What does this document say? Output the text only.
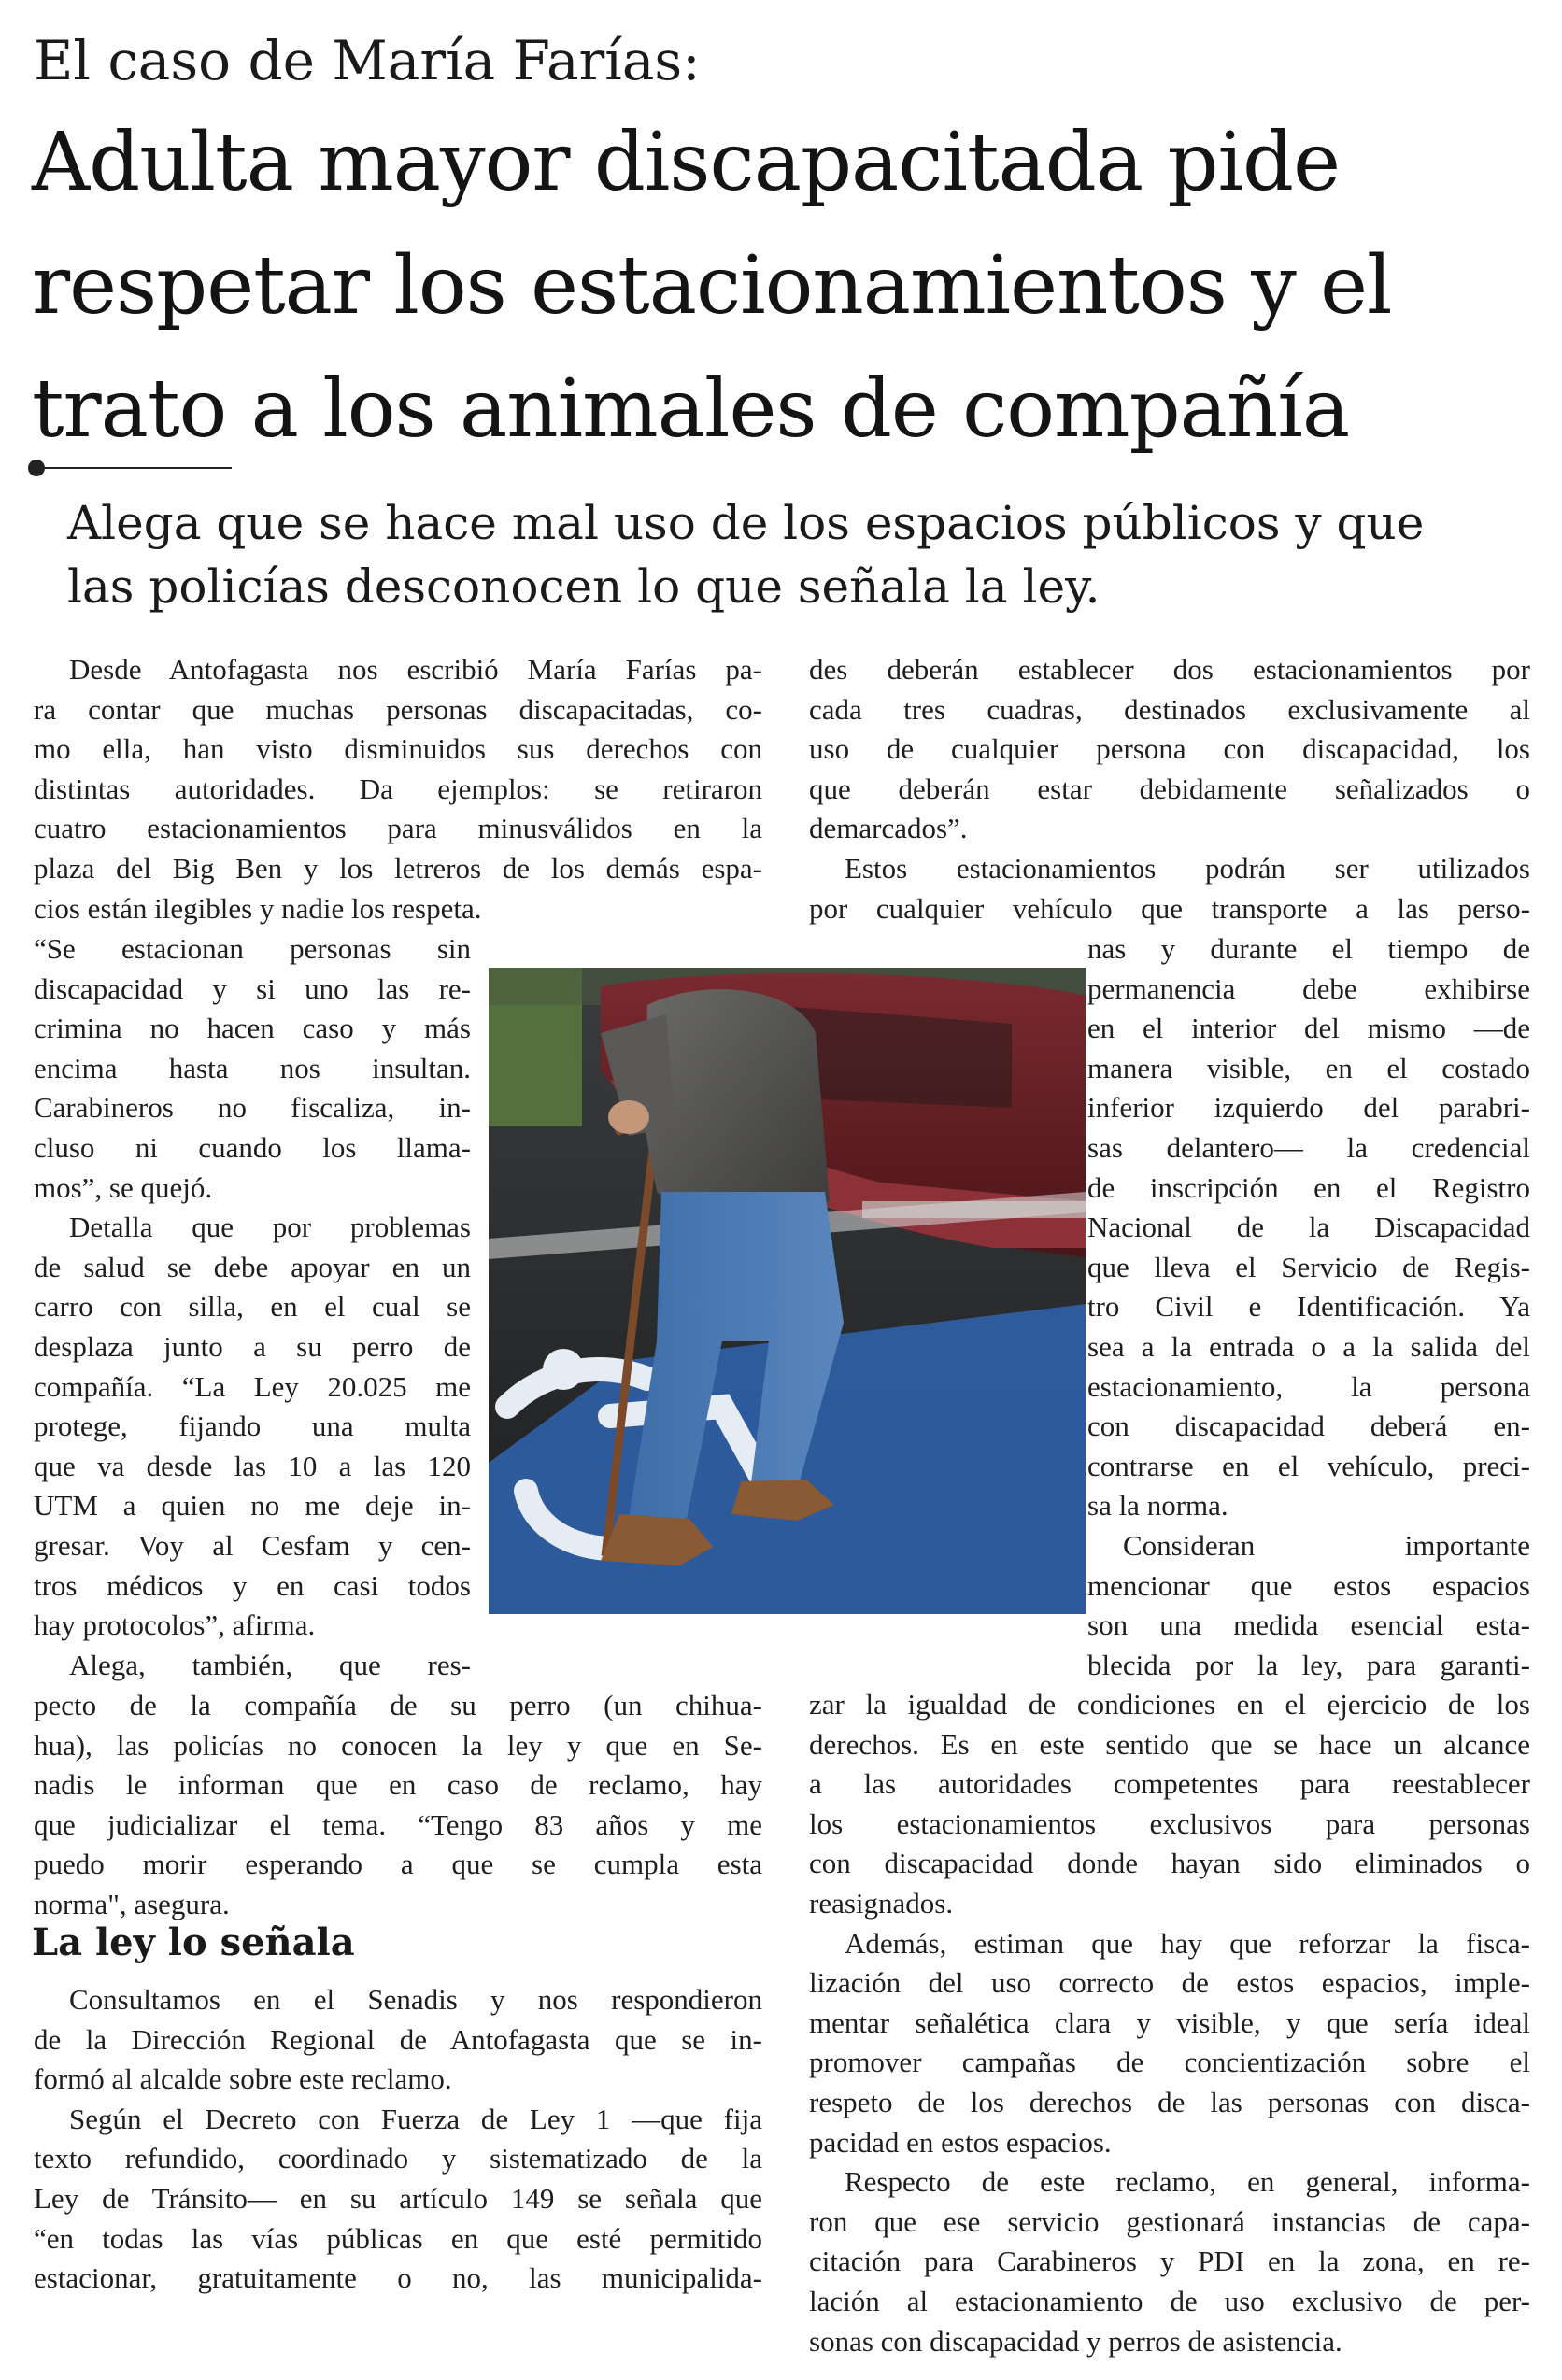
El caso de María Farías:
Adulta mayor discapacitada pide
respetar los estacionamientos y el
trato a los animales de compañía
Alega que se hace mal uso de los espacios públicos y que
las policías desconocen lo que señala la ley.
Desde Antofagasta nos escribió María Farías pa-
ra contar que muchas personas discapacitadas, co-
mo ella, han visto disminuidos sus derechos con
distintas autoridades. Da ejemplos: se retiraron
cuatro estacionamientos para minusválidos en la
plaza del Big Ben y los letreros de los demás espa-
cios están ilegibles y nadie los respeta.
“Se estacionan personas sin
discapacidad y si uno las re-
crimina no hacen caso y más
encima hasta nos insultan.
Carabineros no fiscaliza, in-
cluso ni cuando los llama-
mos”, se quejó.
Detalla que por problemas
de salud se debe apoyar en un
carro con silla, en el cual se
desplaza junto a su perro de
compañía. “La Ley 20.025 me
protege, fijando una multa
que va desde las 10 a las 120
UTM a quien no me deje in-
gresar. Voy al Cesfam y cen-
tros médicos y en casi todos
hay protocolos”, afirma.
Alega, también, que res-
pecto de la compañía de su perro (un chihua-
hua), las policías no conocen la ley y que en Se-
nadis le informan que en caso de reclamo, hay
que judicializar el tema. “Tengo 83 años y me
puedo morir esperando a que se cumpla esta
norma", asegura.
La ley lo señala
Consultamos en el Senadis y nos respondieron
de la Dirección Regional de Antofagasta que se in-
formó al alcalde sobre este reclamo.
Según el Decreto con Fuerza de Ley 1 —que fija
texto refundido, coordinado y sistematizado de la
Ley de Tránsito— en su artículo 149 se señala que
“en todas las vías públicas en que esté permitido
estacionar, gratuitamente o no, las municipalida-
des deberán establecer dos estacionamientos por
cada tres cuadras, destinados exclusivamente al
uso de cualquier persona con discapacidad, los
que deberán estar debidamente señalizados o
demarcados”.
Estos estacionamientos podrán ser utilizados
por cualquier vehículo que transporte a las perso-
nas y durante el tiempo de
permanencia debe exhibirse
en el interior del mismo —de
manera visible, en el costado
inferior izquierdo del parabri-
sas delantero— la credencial
de inscripción en el Registro
Nacional de la Discapacidad
que lleva el Servicio de Regis-
tro Civil e Identificación. Ya
sea a la entrada o a la salida del
estacionamiento, la persona
con discapacidad deberá en-
contrarse en el vehículo, preci-
sa la norma.
Consideran importante
mencionar que estos espacios
son una medida esencial esta-
blecida por la ley, para garanti-
zar la igualdad de condiciones en el ejercicio de los
derechos. Es en este sentido que se hace un alcance
a las autoridades competentes para reestablecer
los estacionamientos exclusivos para personas
con discapacidad donde hayan sido eliminados o
reasignados.
Además, estiman que hay que reforzar la fisca-
lización del uso correcto de estos espacios, imple-
mentar señalética clara y visible, y que sería ideal
promover campañas de concientización sobre el
respeto de los derechos de las personas con disca-
pacidad en estos espacios.
Respecto de este reclamo, en general, informa-
ron que ese servicio gestionará instancias de capa-
citación para Carabineros y PDI en la zona, en re-
lación al estacionamiento de uso exclusivo de per-
sonas con discapacidad y perros de asistencia.
